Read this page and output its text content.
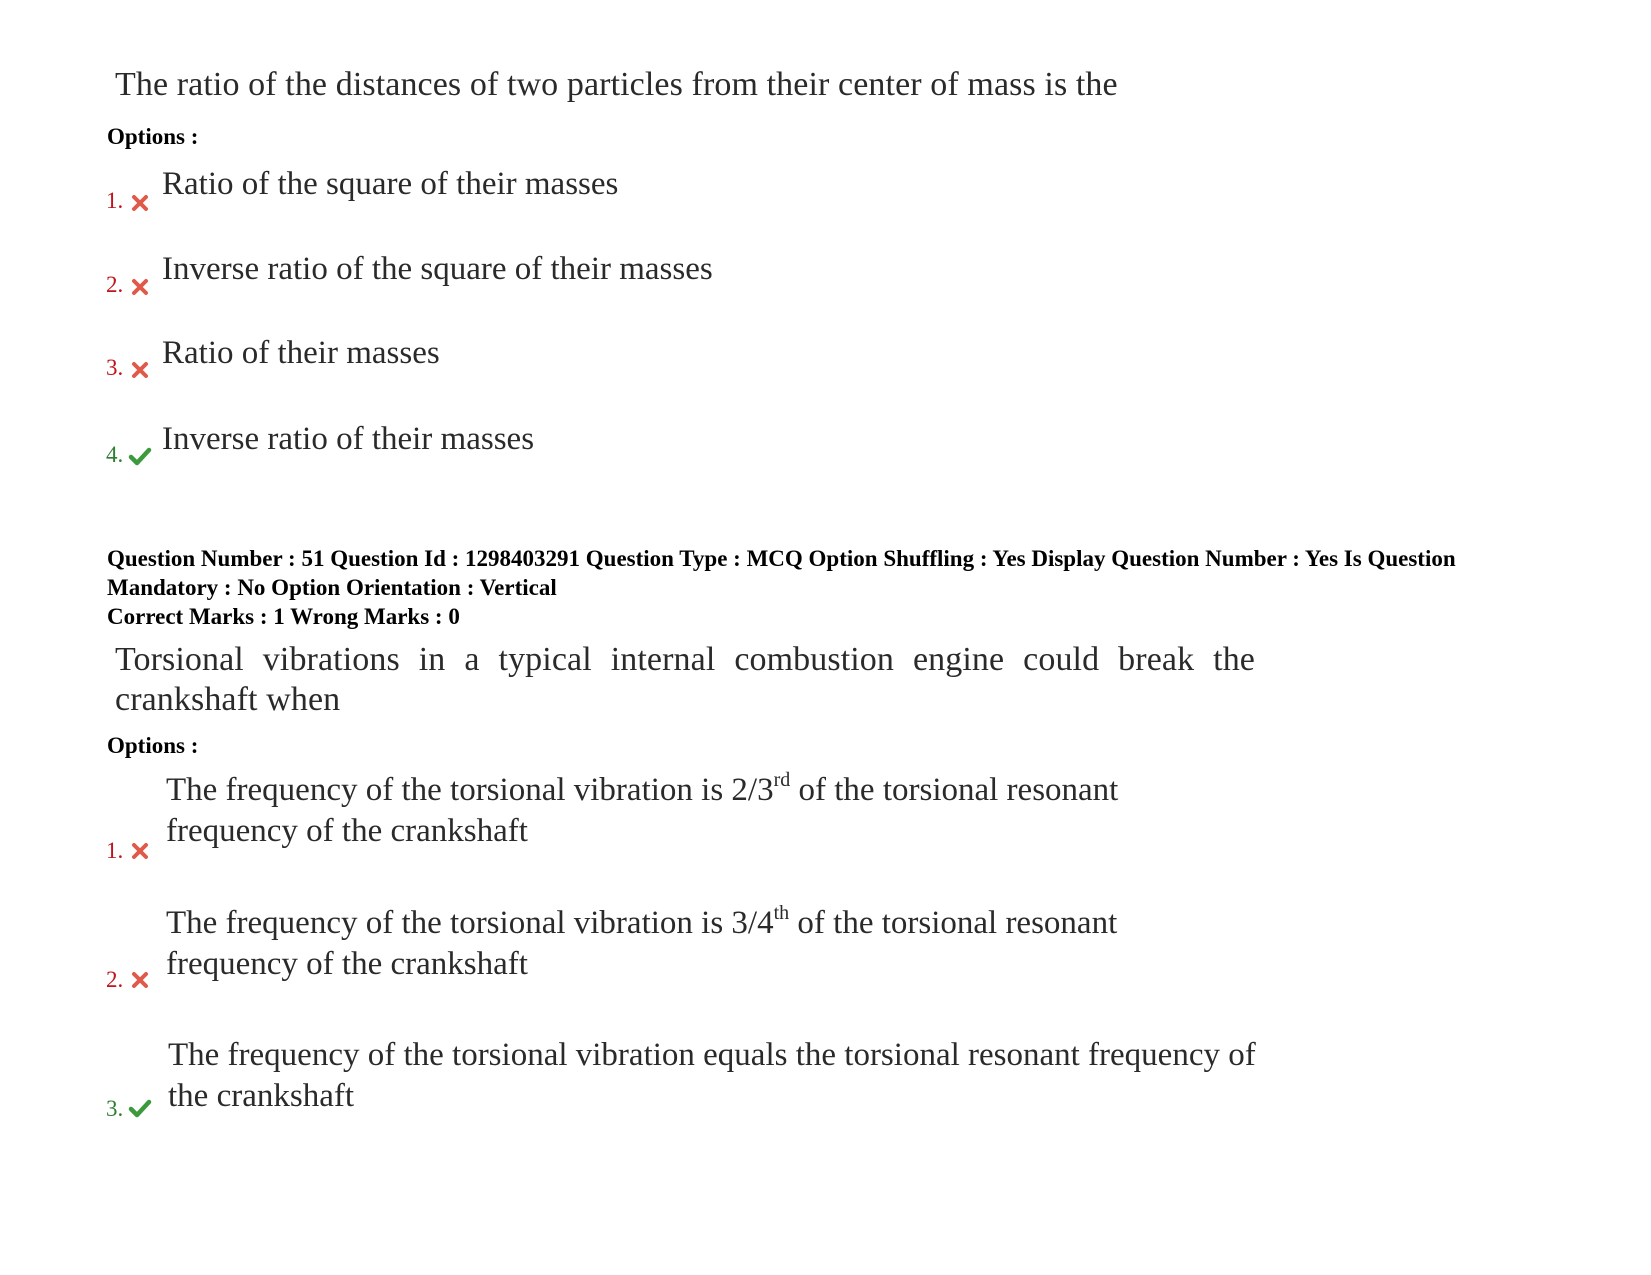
The ratio of the distances of two particles from their center of mass is the
Options :
1. Ratio of the square of their masses
2. Inverse ratio of the square of their masses
3. Ratio of their masses
4. Inverse ratio of their masses
Question Number : 51 Question Id : 1298403291 Question Type : MCQ Option Shuffling : Yes Display Question Number : Yes Is Question Mandatory : No Option Orientation : Vertical
Correct Marks : 1 Wrong Marks : 0
Torsional vibrations in a typical internal combustion engine could break the crankshaft when
Options :
1.
The frequency of the torsional vibration is 2/3rd of the torsional resonant
frequency of the crankshaft
2.
The frequency of the torsional vibration is 3/4th of the torsional resonant
frequency of the crankshaft
3.
The frequency of the torsional vibration equals the torsional resonant frequency of
the crankshaft
